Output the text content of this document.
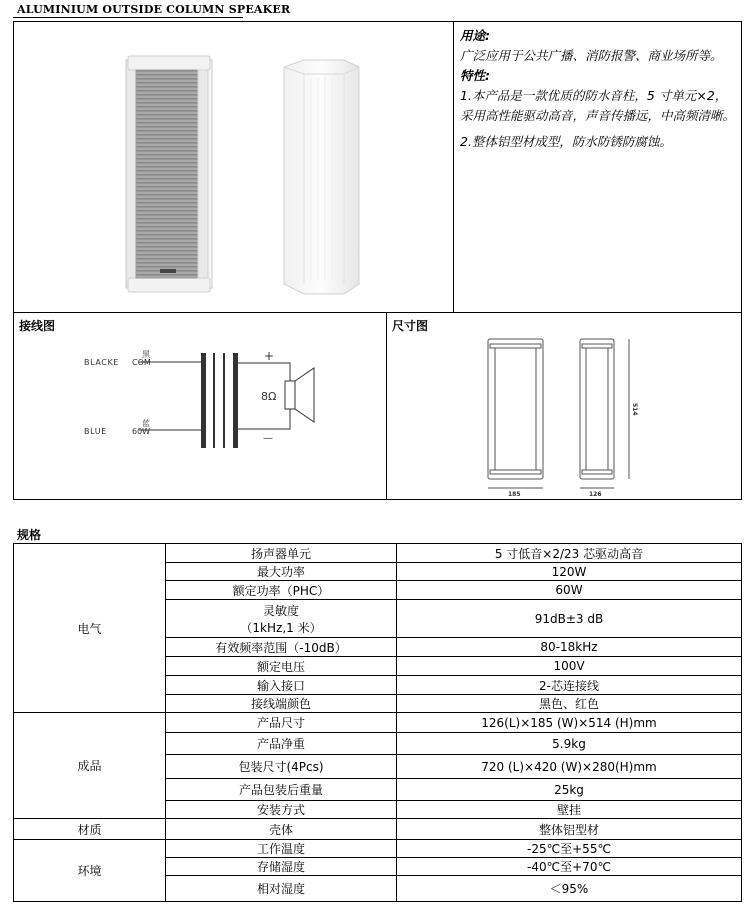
ALUMINIUM OUTSIDE COLUMN SPEAKER

用途:

广泛应用于公共广播、消防报警、商业场所等。

特性:

1.本产品是一款优质的防水音柱，5 寸单元×2，采用高性能驱动高音，声音传播远，中高频清晰。

2.整体铝型材成型，防水防锈防腐蚀。

接线图
BLACKE COM
黑
BLUE	60W
蓝
+
—
8Ω
尺寸图
185	126
514
规格
电气	扬声器单元	5 寸低音×2/23 芯驱动高音
	最大功率	120W
	额定功率（PHC）	60W

	灵敏度
（1kHz,1 米）	91dB±3 dB
	有效频率范围（-10dB）	80-18kHz
	额定电压	100V
	输入接口	2-芯连接线
	接线端颜色	黑色、红色
成品	产品尺寸	126(L)×185 (W)×514 (H)mm
	产品净重	5.9kg
	包装尺寸(4Pcs)	720 (L)×420 (W)×280(H)mm
	产品包装后重量	25kg
	安装方式	壁挂
材质	壳体	整体铝型材
环境	工作温度	-25℃至+55℃
	存储湿度	-40℃至+70℃
	相对湿度	＜95%
